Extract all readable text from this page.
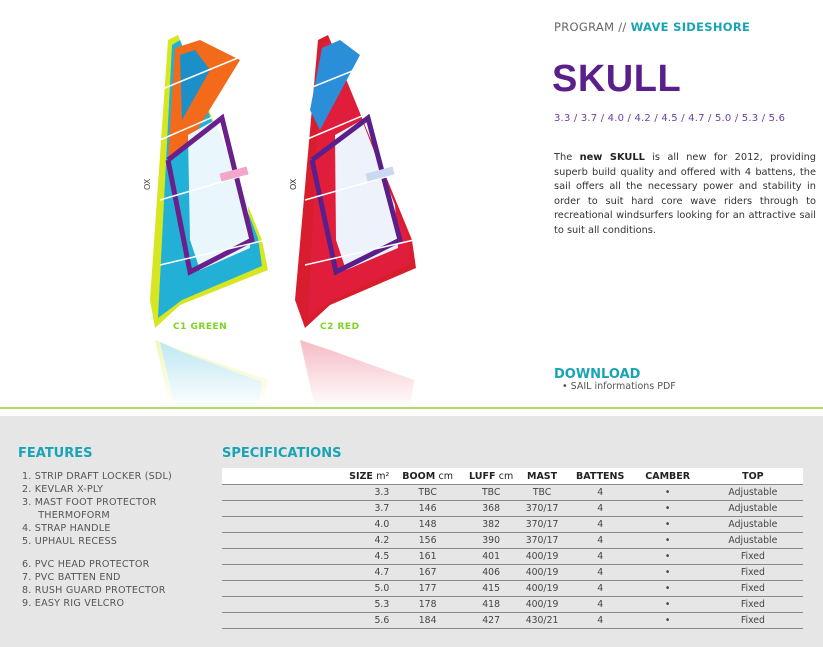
OX	OX
C1 GREEN	C2 RED
PROGRAM // WAVE SIDESHORE
SKULL
3.3 / 3.7 / 4.0 / 4.2 / 4.5 / 4.7 / 5.0 / 5.3 / 5.6
The new SKULL is all new for 2012, providing superb build quality and offered with 4 battens, the sail offers all the necessary power and stability in order to suit hard core wave riders through to recreational windsurfers looking for an attractive sail to suit all conditions.
DOWNLOAD
• SAIL informations PDF
FEATURES
1. STRIP DRAFT LOCKER (SDL)
2. KEVLAR X-PLY
3. MAST FOOT PROTECTOR
THERMOFORM
4. STRAP HANDLE
5. UPHAUL RECESS
6. PVC HEAD PROTECTOR
7. PVC BATTEN END
8. RUSH GUARD PROTECTOR
9. EASY RIG VELCRO
SPECIFICATIONS
SIZE m²	BOOM cm	LUFF cm	MAST	BATTENS	CAMBER	TOP
3.3	TBC	TBC	TBC	4	•	Adjustable
3.7	146	368	370/17	4	•	Adjustable
4.0	148	382	370/17	4	•	Adjustable
4.2	156	390	370/17	4	•	Adjustable
4.5	161	401	400/19	4	•	Fixed
4.7	167	406	400/19	4	•	Fixed
5.0	177	415	400/19	4	•	Fixed
5.3	178	418	400/19	4	•	Fixed
5.6	184	427	430/21	4	•	Fixed
